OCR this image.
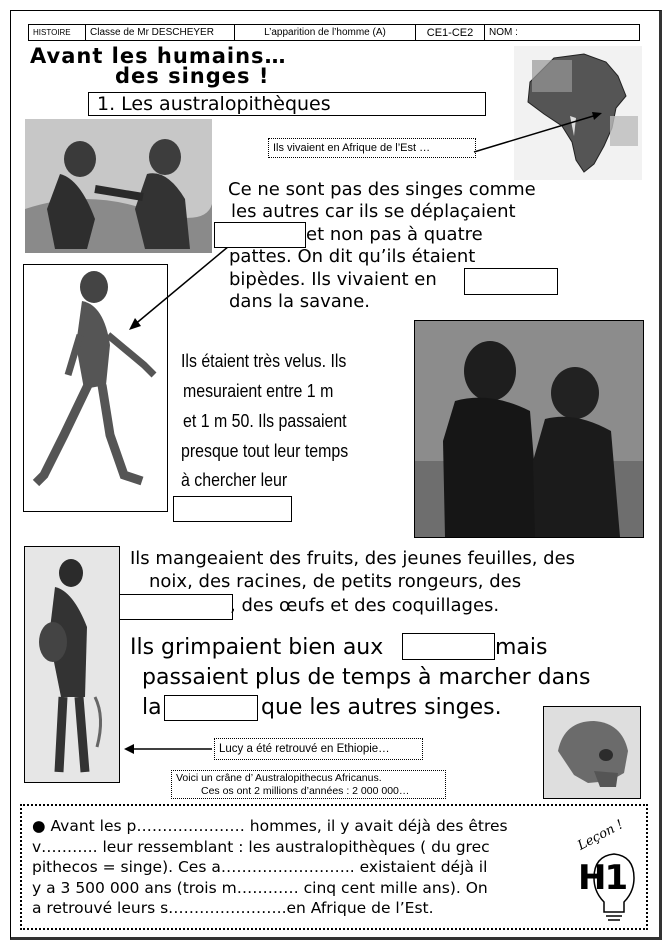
HISTOIRE	Classe de Mr DESCHEYER	L’apparition de l’homme (A)	CE1-CE2	NOM :
Avant les humains…
des singes !
1. Les australopithèques
Ils vivaient en Afrique de l’Est …
Ce ne sont pas des singes comme
les autres car ils se déplaçaient
et non pas à quatre
pattes. On dit qu’ils étaient
bipèdes. Ils vivaient en
dans la savane.
Ils étaient très velus. Ils
mesuraient entre 1 m
et 1 m 50. Ils passaient
presque tout leur temps
à chercher leur
Ils mangeaient des fruits, des jeunes feuilles, des
noix, des racines, de petits rongeurs, des
, des œufs et des coquillages.
Ils grimpaient bien aux	mais
passaient plus de temps à marcher dans
la	que les autres singes.
Lucy a été retrouvé en Ethiopie…
Voici un crâne d’ Australopithecus Africanus.
Ces os ont 2 millions d’années : 2 000 000…
● Avant les p………………… hommes, il y avait déjà des êtres
v……….. leur ressemblant : les australopithèques ( du grec
pithecos = singe). Ces a…………………….. existaient déjà il
y a 3 500 000 ans (trois m………… cinq cent mille ans). On
a retrouvé leurs s…………………..en Afrique de l’Est.
Leçon !
H1
